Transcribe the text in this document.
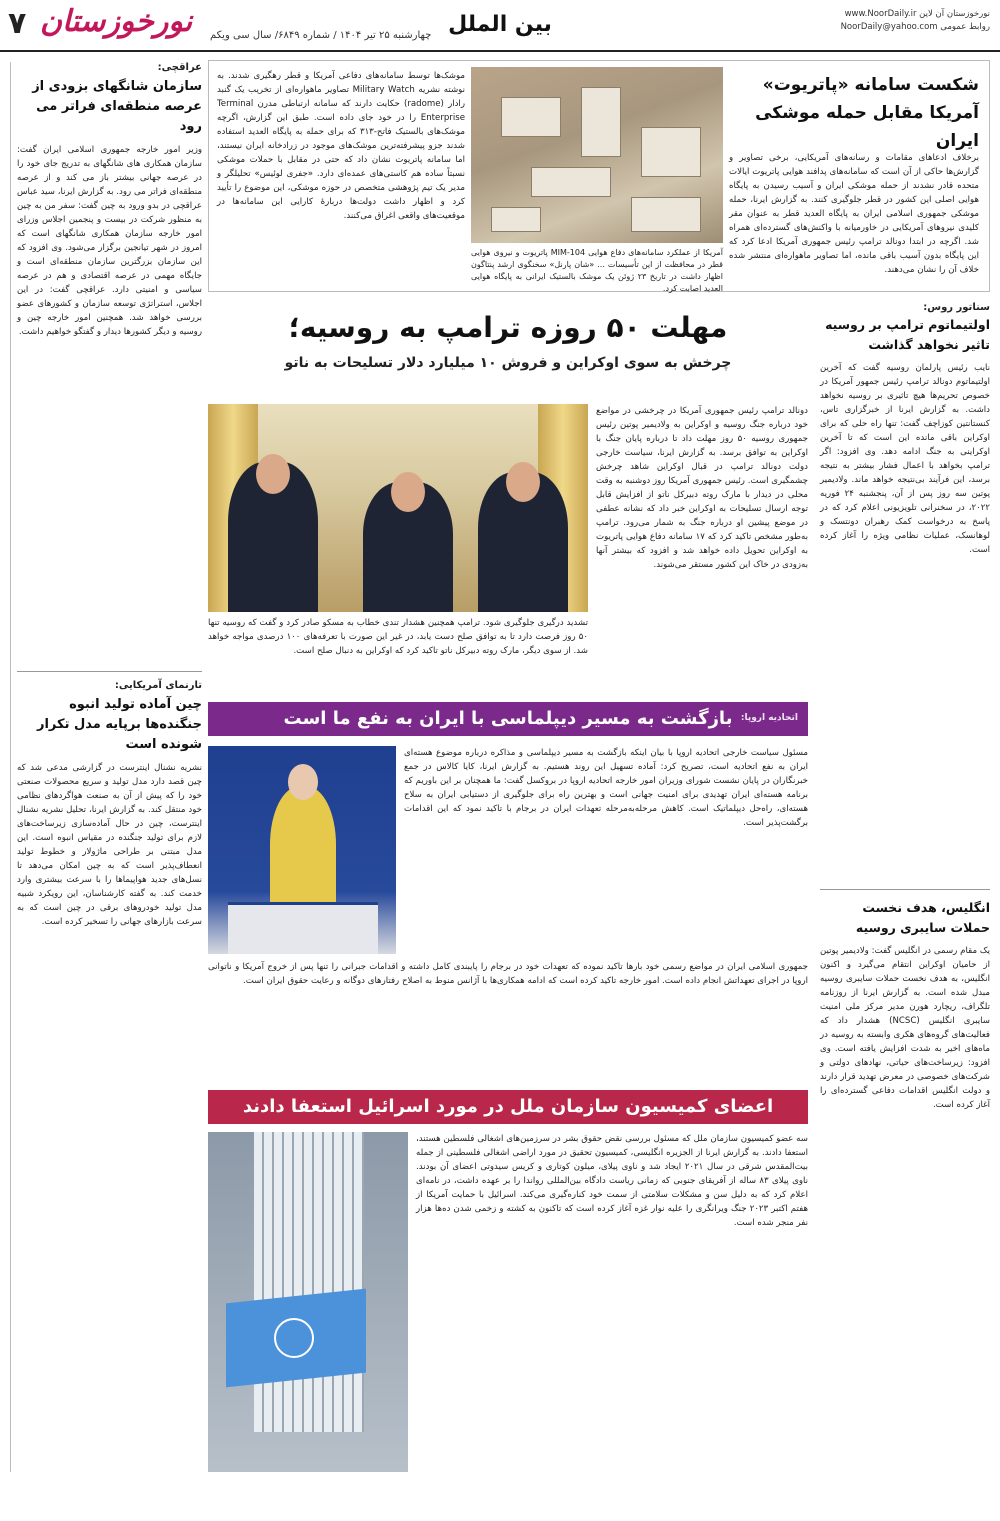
۷ نورخوزستان چهارشنبه ۲۵ تیر ۱۴۰۴ / شماره ۶۸۴۹/ سال سی ویکم بین الملل	www.NoorDaily.ir نورخوزستان آن لاین
NoorDaily@yahoo.com روابط عمومی
عراقچی:
سازمان شانگهای بزودی از عرصه منطقه‌ای فراتر می رود
وزیر امور خارجه جمهوری اسلامی ایران گفت: سازمان همکاری های شانگهای به تدریج جای خود را در عرصه جهانی بیشتر باز می کند و از عرصه منطقه‌ای فراتر می رود. به گزارش ایرنا، سید عباس عراقچی در بدو ورود به چین گفت: سفر من به چین به منظور شرکت در بیست و پنجمین اجلاس وزرای امور خارجه سازمان همکاری شانگهای است که امروز در شهر تیانجین برگزار می‌شود. وی افزود که این سازمان بزرگترین سازمان منطقه‌ای است و جایگاه مهمی در عرصه اقتصادی و هم در عرصه سیاسی و امنیتی دارد. عراقچی گفت: در این اجلاس، استراتژی توسعه سازمان و کشورهای عضو بررسی خواهد شد. همچنین امور خارجه چین و روسیه و دیگر کشورها دیدار و گفتگو خواهیم داشت.
تارنمای آمریکایی:
چین آماده تولید انبوه جنگنده‌ها برپایه مدل تکرار شونده است
نشریه نشنال اینترست در گزارشی مدعی شد که چین قصد دارد مدل تولید و سریع محصولات صنعتی خود را که پیش از آن به صنعت هواگردهای نظامی خود منتقل کند. به گزارش ایرنا، تحلیل نشریه نشنال اینترست، چین در حال آماده‌سازی زیرساخت‌های لازم برای تولید جنگنده در مقیاس انبوه است. این مدل مبتنی بر طراحی ماژولار و خطوط تولید انعطاف‌پذیر است که به چین امکان می‌دهد تا نسل‌های جدید هواپیماها را با سرعت بیشتری وارد خدمت کند. به گفته کارشناسان، این رویکرد شبیه مدل تولید خودروهای برقی در چین است که به سرعت بازارهای جهانی را تسخیر کرده است.
شکست سامانه «پاتریوت» آمریکا مقابل حمله موشکی ایران
برخلاف ادعاهای مقامات و رسانه‌های آمریکایی، برخی تصاویر و گزارش‌ها حاکی از آن است که سامانه‌های پدافند هوایی پاتریوت ایالات متحده قادر نشدند از حمله موشکی ایران و آسیب رسیدن به پایگاه هوایی اصلی این کشور در قطر جلوگیری کنند. به گزارش ایرنا، حمله موشکی جمهوری اسلامی ایران به پایگاه العدید قطر به عنوان مقر کلیدی نیروهای آمریکایی در خاورمیانه با واکنش‌های گسترده‌ای همراه شد. اگرچه در ابتدا دونالد ترامپ رئیس جمهوری آمریکا ادعا کرد که این پایگاه بدون آسیب باقی مانده، اما تصاویر ماهواره‌ای منتشر شده خلاف آن را نشان می‌دهند.
آمریکا از عملکرد سامانه‌های دفاع هوایی MIM-104 پاتریوت و نیروی هوایی قطر در محافظت از این تأسیسات ... «شان پارنل» سخنگوی ارشد پنتاگون اظهار داشت در تاریخ ۲۳ ژوئن یک موشک بالستیک ایرانی به پایگاه هوایی العدید اصابت کرد.
موشک‌ها توسط سامانه‌های دفاعی آمریکا و قطر رهگیری شدند. به نوشته نشریه Military Watch تصاویر ماهواره‌ای از تخریب یک گنبد رادار (radome) حکایت دارند که سامانه ارتباطی مدرن Terminal Enterprise را در خود جای داده است. طبق این گزارش، اگرچه موشک‌های بالستیک فاتح-۳۱۳ که برای حمله به پایگاه العدید استفاده شدند جزو پیشرفته‌ترین موشک‌های موجود در زرادخانه ایران نیستند، اما سامانه پاتریوت نشان داد که حتی در مقابل با حملات موشکی نسبتاً ساده هم کاستی‌های عمده‌ای دارد. «جفری لوئیس» تحلیلگر و مدیر یک تیم پژوهشی متخصص در حوزه موشکی، این موضوع را تأیید کرد و اظهار داشت دولت‌ها دربارهٔ کارایی این سامانه‌ها در موقعیت‌های واقعی اغراق می‌کنند.
مهلت ۵۰ روزه ترامپ به روسیه؛
چرخش به سوی اوکراین و فروش ۱۰ میلیارد دلار تسلیحات به ناتو
دونالد ترامپ رئیس جمهوری آمریکا در چرخشی در مواضع خود درباره جنگ روسیه و اوکراین به ولادیمیر پوتین رئیس جمهوری روسیه ۵۰ روز مهلت داد تا درباره پایان جنگ با اوکراین به توافق برسد. به گزارش ایرنا، سیاست خارجی دولت دونالد ترامپ در قبال اوکراین شاهد چرخش چشمگیری است. رئیس جمهوری آمریکا روز دوشنبه به وقت محلی در دیدار با مارک روته دبیرکل ناتو از افزایش قابل توجه ارسال تسلیحات به اوکراین خبر داد که نشانه عطفی در موضع پیشین او درباره جنگ به شمار می‌رود. ترامپ به‌طور مشخص تاکید کرد که ۱۷ سامانه دفاع هوایی پاتریوت به اوکراین تحویل داده خواهد شد و افزود که بیشتر آنها به‌زودی در خاک این کشور مستقر می‌شوند.
تشدید درگیری جلوگیری شود. ترامپ همچنین هشدار تندی خطاب به مسکو صادر کرد و گفت که روسیه تنها ۵۰ روز فرصت دارد تا به توافق صلح دست یابد، در غیر این صورت با تعرفه‌های ۱۰۰ درصدی مواجه خواهد شد. از سوی دیگر، مارک روته دبیرکل ناتو تاکید کرد که اوکراین به دنبال صلح است.
اتحادیه اروپا:
بازگشت به مسیر دیپلماسی با ایران به نفع ما است
مسئول سیاست خارجی اتحادیه اروپا با بیان اینکه بازگشت به مسیر دیپلماسی و مذاکره درباره موضوع هسته‌ای ایران به نفع اتحادیه است، تصریح کرد: آماده تسهیل این روند هستیم. به گزارش ایرنا، کایا کالاس در جمع خبرنگاران در پایان نشست شورای وزیران امور خارجه اتحادیه اروپا در بروکسل گفت: ما همچنان بر این باوریم که برنامه هسته‌ای ایران تهدیدی برای امنیت جهانی است و بهترین راه برای جلوگیری از دستیابی ایران به سلاح هسته‌ای، راه‌حل دیپلماتیک است. کاهش مرحله‌به‌مرحله تعهدات ایران در برجام با تاکید نمود که این اقدامات برگشت‌پذیر است.
جمهوری اسلامی ایران در مواضع رسمی خود بارها تاکید نموده که تعهدات خود در برجام را پایبندی کامل داشته و اقدامات جبرانی را تنها پس از خروج آمریکا و ناتوانی اروپا در اجرای تعهداتش انجام داده است. امور خارجه تاکید کرده است که ادامه همکاری‌ها با آژانس منوط به اصلاح رفتارهای دوگانه و رعایت حقوق ایران است.
اعضای کمیسیون سازمان ملل در مورد اسرائیل استعفا دادند
سه عضو کمیسیون سازمان ملل که مسئول بررسی نقض حقوق بشر در سرزمین‌های اشغالی فلسطین هستند، استعفا دادند. به گزارش ایرنا از الجزیره انگلیسی، کمیسیون تحقیق در مورد اراضی اشغالی فلسطینی از جمله بیت‌المقدس شرقی در سال ۲۰۲۱ ایجاد شد و ناوی پیلای، میلون کوتاری و کریس سیدوتی اعضای آن بودند. ناوی پیلای ۸۳ ساله از آفریقای جنوبی که زمانی ریاست دادگاه بین‌المللی رواندا را بر عهده داشت، در نامه‌ای اعلام کرد که به دلیل سن و مشکلات سلامتی از سمت خود کناره‌گیری می‌کند. اسرائیل با حمایت آمریکا از هفتم اکتبر ۲۰۲۳ جنگ ویرانگری را علیه نوار غزه آغاز کرده است که تاکنون به کشته و زخمی شدن ده‌ها هزار نفر منجر شده است.
سناتور روس:
اولتیماتوم ترامپ بر روسیه تاثیر نخواهد گذاشت
نایب رئیس پارلمان روسیه گفت که آخرین اولتیماتوم دونالد ترامپ رئیس جمهور آمریکا در خصوص تحریم‌ها هیچ تاثیری بر روسیه نخواهد داشت. به گزارش ایرنا از خبرگزاری تاس، کنستانتین کوزاچف گفت: تنها راه حلی که برای اوکراین باقی مانده این است که تا آخرین اوکراینی به جنگ ادامه دهد. وی افزود: اگر ترامپ بخواهد با اعمال فشار بیشتر به نتیجه برسد، این فرآیند بی‌نتیجه خواهد ماند. ولادیمیر پوتین سه روز پس از آن، پنجشنبه ۲۴ فوریه ۲۰۲۲، در سخنرانی تلویزیونی اعلام کرد که در پاسخ به درخواست کمک رهبران دونتسک و لوهانسک، عملیات نظامی ویژه را آغاز کرده است.
انگلیس، هدف نخست حملات سایبری روسیه
یک مقام رسمی در انگلیس گفت: ولادیمیر پوتین از حامیان اوکراین انتقام می‌گیرد و اکنون انگلیس، به هدف نخست حملات سایبری روسیه مبدل شده است. به گزارش ایرنا از روزنامه تلگراف، ریچارد هورن مدیر مرکز ملی امنیت سایبری انگلیس (NCSC) هشدار داد که فعالیت‌های گروه‌های هکری وابسته به روسیه در ماه‌های اخیر به شدت افزایش یافته است. وی افزود: زیرساخت‌های حیاتی، نهادهای دولتی و شرکت‌های خصوصی در معرض تهدید قرار دارند و دولت انگلیس اقدامات دفاعی گسترده‌ای را آغاز کرده است.
